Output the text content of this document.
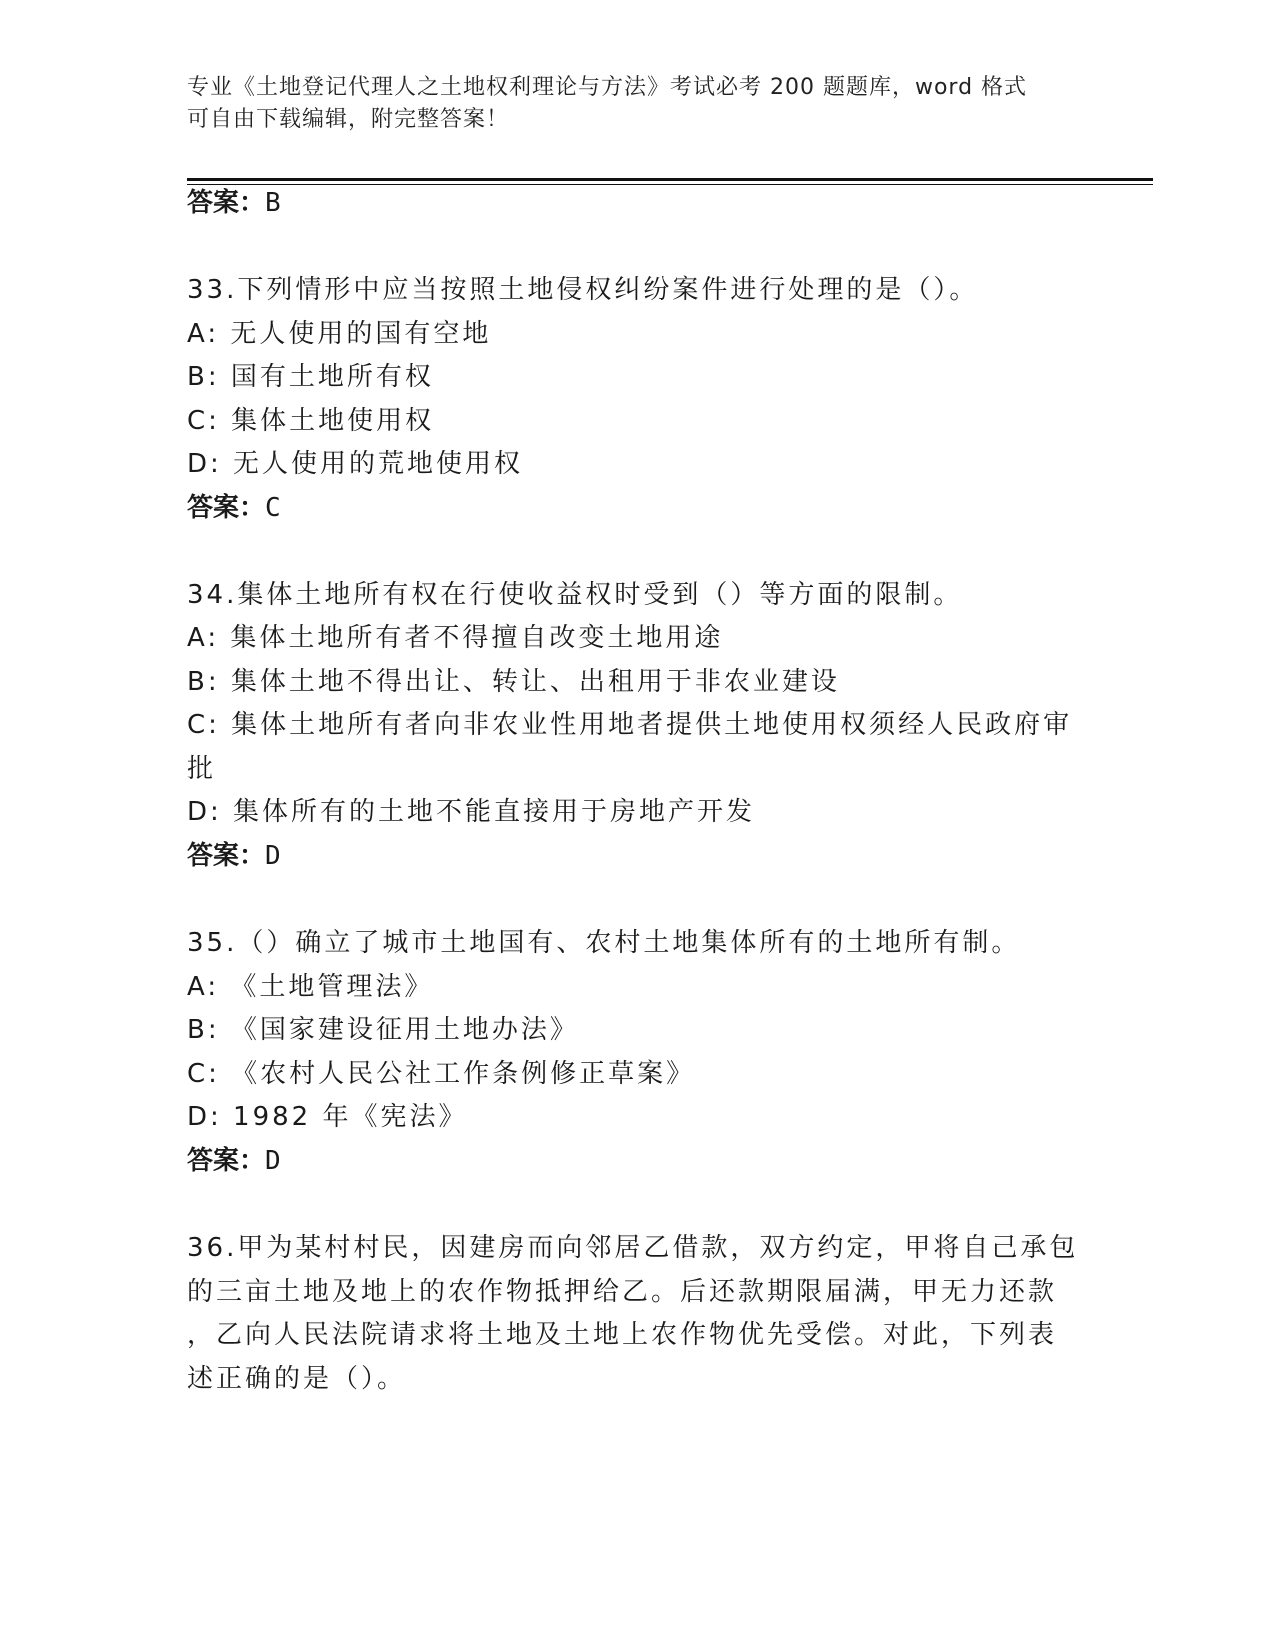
专业《土地登记代理人之土地权利理论与方法》考试必考 200 题题库，word 格式

可自由下载编辑，附完整答案！

答案：B
33.下列情形中应当按照土地侵权纠纷案件进行处理的是（）。
A: 无人使用的国有空地
B: 国有土地所有权
C: 集体土地使用权
D: 无人使用的荒地使用权
答案：C
34.集体土地所有权在行使收益权时受到（）等方面的限制。
A: 集体土地所有者不得擅自改变土地用途
B: 集体土地不得出让、转让、出租用于非农业建设
C: 集体土地所有者向非农业性用地者提供土地使用权须经人民政府审
批
D: 集体所有的土地不能直接用于房地产开发
答案：D
35.（）确立了城市土地国有、农村土地集体所有的土地所有制。
A: 《土地管理法》
B: 《国家建设征用土地办法》
C: 《农村人民公社工作条例修正草案》
D: 1982 年《宪法》
答案：D
36.甲为某村村民，因建房而向邻居乙借款，双方约定，甲将自己承包
的三亩土地及地上的农作物抵押给乙。后还款期限届满，甲无力还款
，乙向人民法院请求将土地及土地上农作物优先受偿。对此，下列表
述正确的是（）。
